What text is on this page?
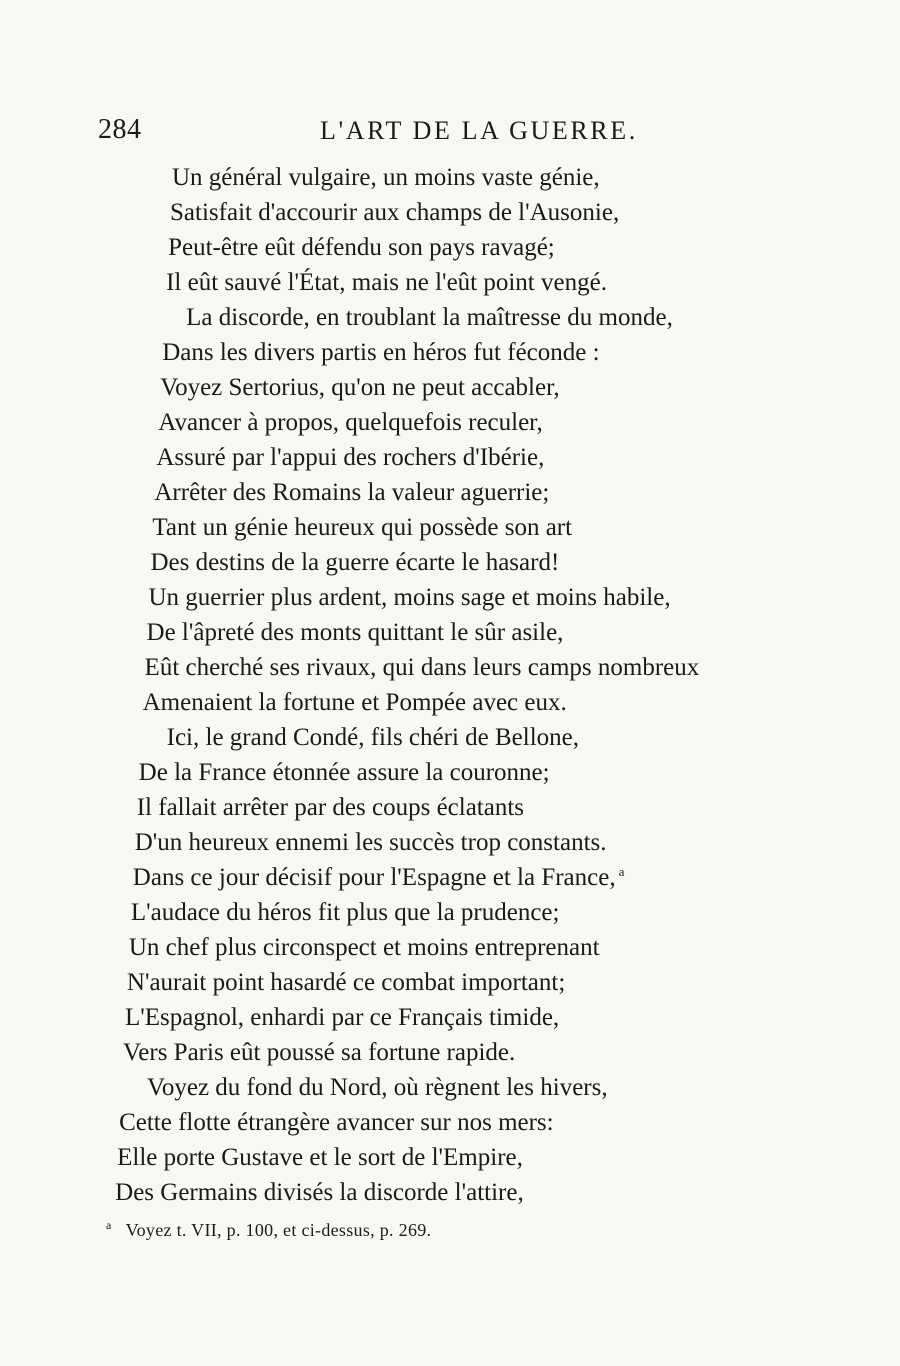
284	L'ART DE LA GUERRE.
Un général vulgaire, un moins vaste génie,
Satisfait d'accourir aux champs de l'Ausonie,
Peut-être eût défendu son pays ravagé;
Il eût sauvé l'État, mais ne l'eût point vengé.
La discorde, en troublant la maîtresse du monde,
Dans les divers partis en héros fut féconde :
Voyez Sertorius, qu'on ne peut accabler,
Avancer à propos, quelquefois reculer,
Assuré par l'appui des rochers d'Ibérie,
Arrêter des Romains la valeur aguerrie;
Tant un génie heureux qui possède son art
Des destins de la guerre écarte le hasard!
Un guerrier plus ardent, moins sage et moins habile,
De l'âpreté des monts quittant le sûr asile,
Eût cherché ses rivaux, qui dans leurs camps nombreux
Amenaient la fortune et Pompée avec eux.
Ici, le grand Condé, fils chéri de Bellone,
De la France étonnée assure la couronne;
Il fallait arrêter par des coups éclatants
D'un heureux ennemi les succès trop constants.
Dans ce jour décisif pour l'Espagne et la France, $^a$
L'audace du héros fit plus que la prudence;
Un chef plus circonspect et moins entreprenant
N'aurait point hasardé ce combat important;
L'Espagnol, enhardi par ce Français timide,
Vers Paris eût poussé sa fortune rapide.
Voyez du fond du Nord, où règnent les hivers,
Cette flotte étrangère avancer sur nos mers:
Elle porte Gustave et le sort de l'Empire,
Des Germains divisés la discorde l'attire,
$^a$ Voyez t. VII, p. 100, et ci-dessus, p. 269.
